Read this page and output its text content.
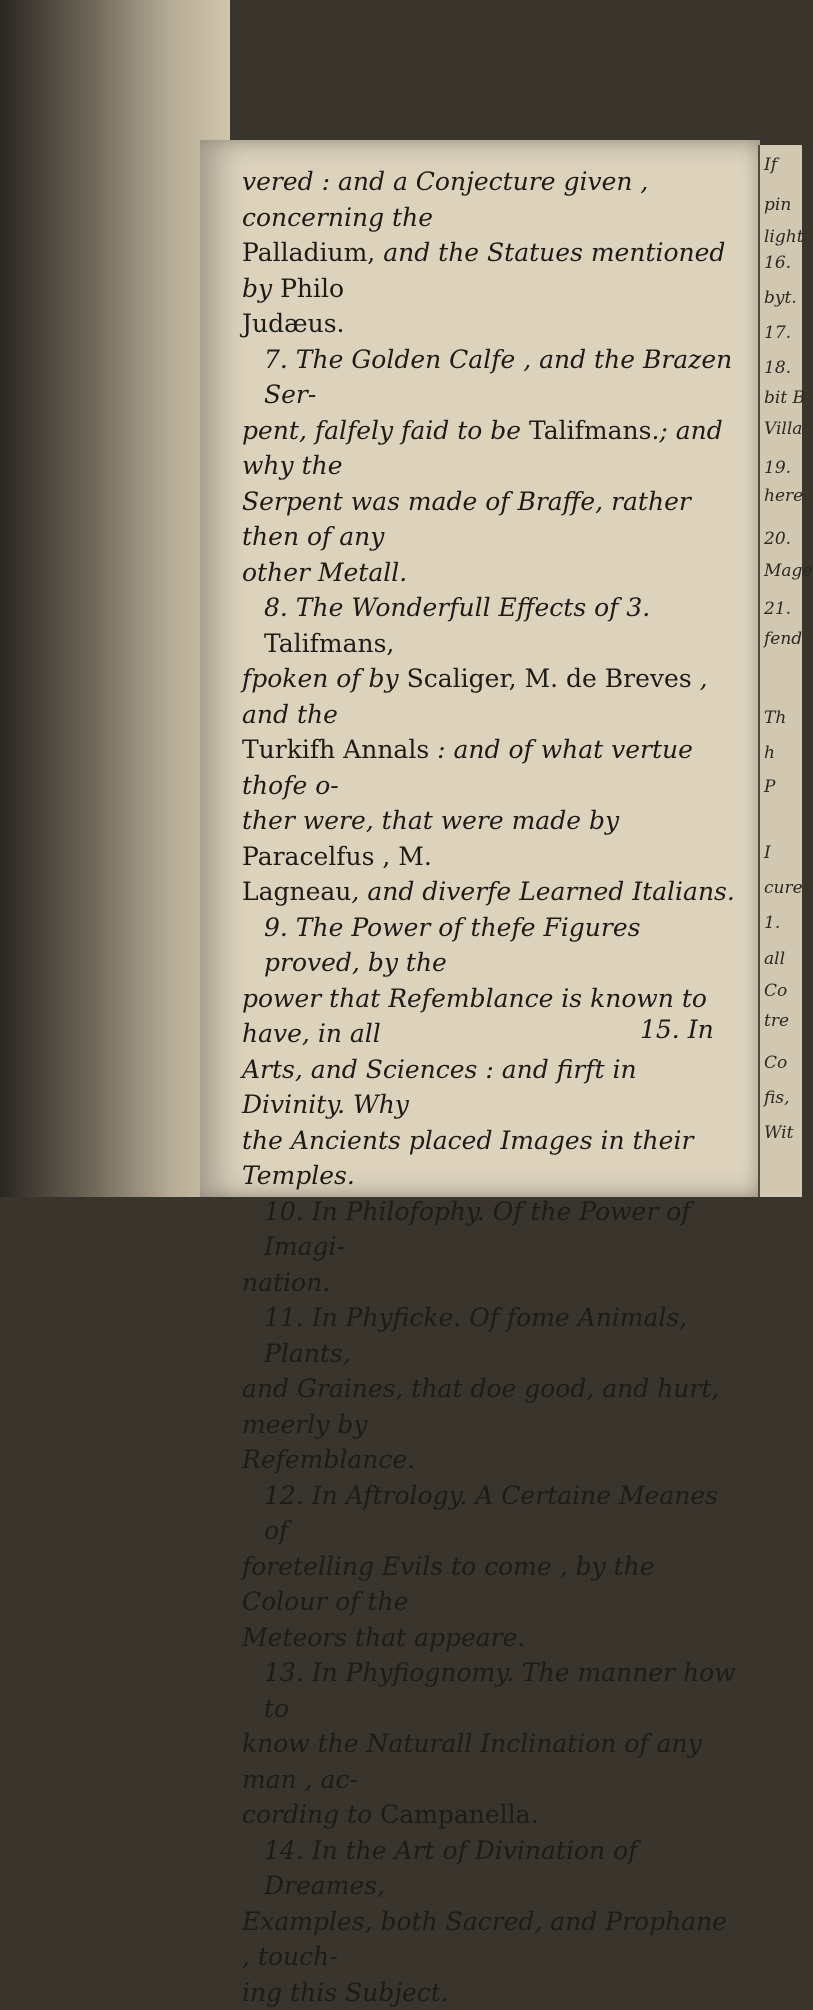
If
pin
light
16.
byt.
17.
18.
bit B
Villa
19.
here
20.
Mage
21.
fend
Th
h
P
I
cure
1.
all
Co
tre
Co
fis,
Wit

vered : and a Conjecture given , concerning the

Palladium, and the Statues mentioned by Philo

Judæus.

7. The Golden Calfe , and the Brazen Ser-

pent, falfely faid to be Talifmans.; and why the

Serpent was made of Braffe, rather then of any

other Metall.

8. The Wonderfull Effects of 3. Talifmans,

fpoken of by Scaliger, M. de Breves , and the

Turkifh Annals : and of what vertue thofe o-

ther were, that were made by Paracelfus , M.

Lagneau, and diverfe Learned Italians.

9. The Power of thefe Figures proved, by the

power that Refemblance is known to have, in all

Arts, and Sciences : and firft in Divinity. Why

the Ancients placed Images in their Temples.

10. In Philofophy. Of the Power of Imagi-

nation.

11. In Phyficke. Of fome Animals, Plants,

and Graines, that doe good, and hurt, meerly by

Refemblance.

12. In Aftrology. A Certaine Meanes of

foretelling Evils to come , by the Colour of the

Meteors that appeare.

13. In Phyfiognomy. The manner how to

know the Naturall Inclination of any man , ac-

cording to Campanella.

14. In the Art of Divination of Dreames,

Examples, both Sacred, and Prophane , touch-

ing this Subject.

15. In
